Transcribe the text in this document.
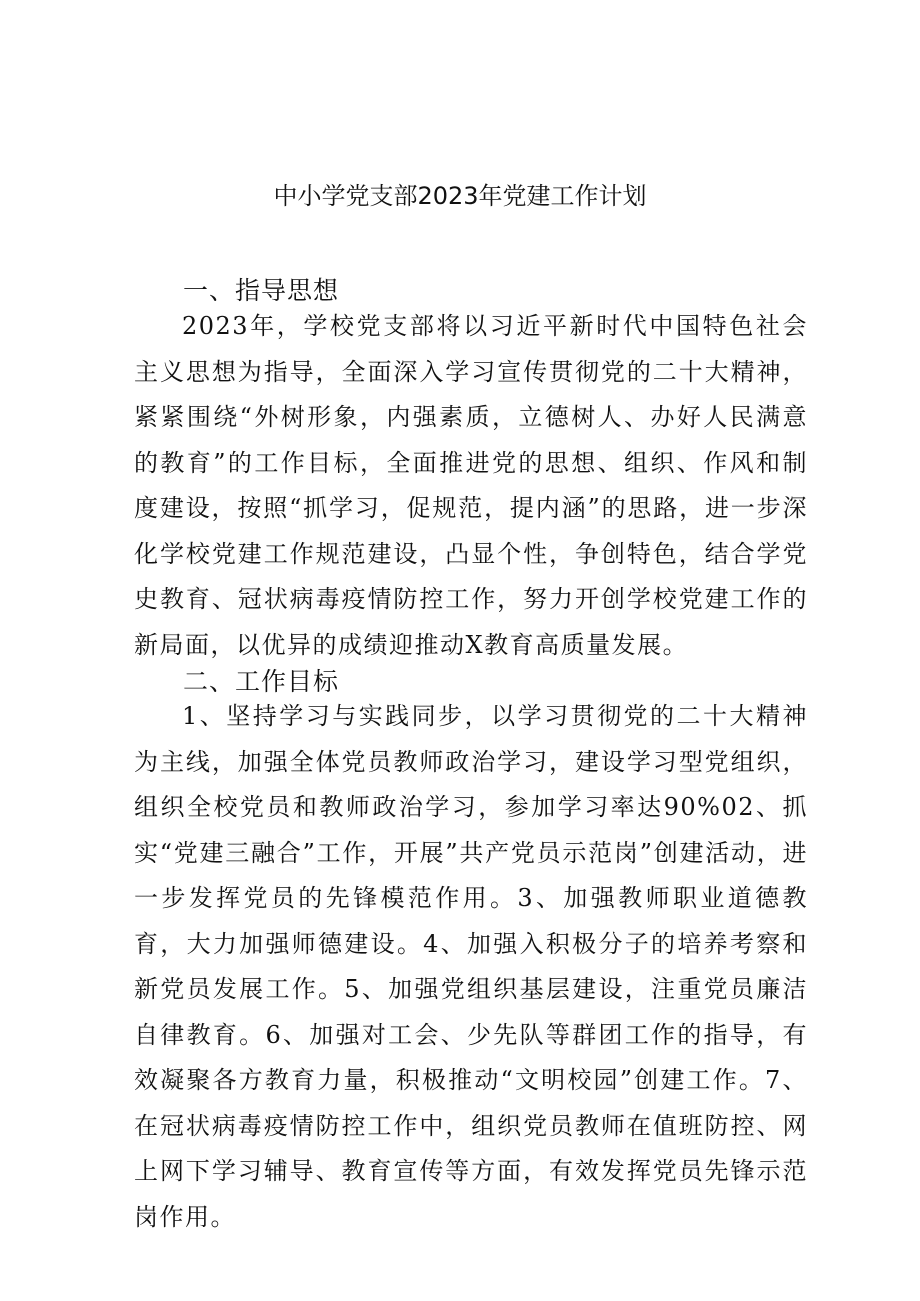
中小学党支部2023年党建工作计划
一、指导思想

2023年，学校党支部将以习近平新时代中国特色社会主义思想为指导，全面深入学习宣传贯彻党的二十大精神，紧紧围绕“外树形象，内强素质，立德树人、办好人民满意的教育”的工作目标，全面推进党的思想、组织、作风和制度建设，按照“抓学习，促规范，提内涵”的思路，进一步深化学校党建工作规范建设，凸显个性，争创特色，结合学党史教育、冠状病毒疫情防控工作，努力开创学校党建工作的新局面，以优异的成绩迎推动X教育高质量发展。

二、工作目标

1、坚持学习与实践同步，以学习贯彻党的二十大精神为主线，加强全体党员教师政治学习，建设学习型党组织，组织全校党员和教师政治学习，参加学习率达90%02、抓实“党建三融合”工作，开展”共产党员示范岗”创建活动，进一步发挥党员的先锋模范作用。3、加强教师职业道德教育，大力加强师德建设。4、加强入积极分子的培养考察和新党员发展工作。5、加强党组织基层建设，注重党员廉洁自律教育。6、加强对工会、少先队等群团工作的指导，有效凝聚各方教育力量，积极推动“文明校园”创建工作。7、在冠状病毒疫情防控工作中，组织党员教师在值班防控、网上网下学习辅导、教育宣传等方面，有效发挥党员先锋示范岗作用。
